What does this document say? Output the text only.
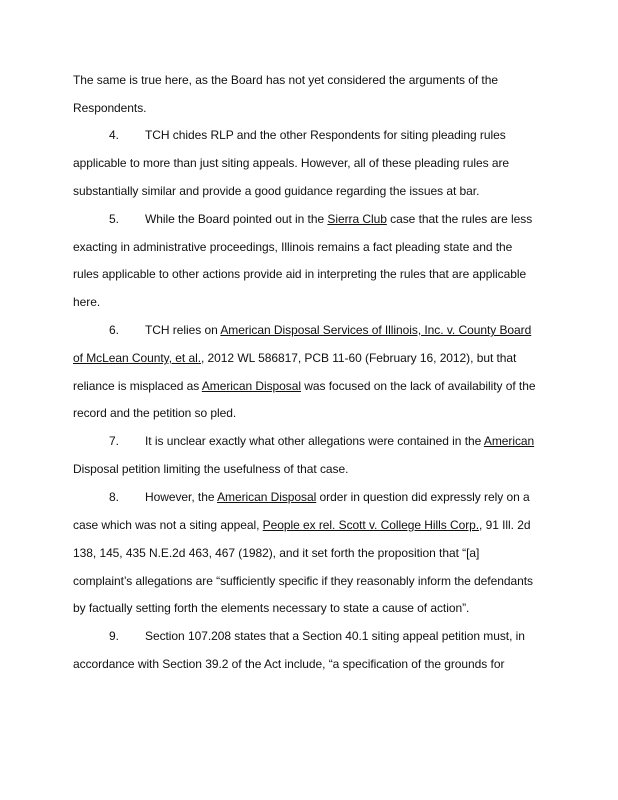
The same is true here, as the Board has not yet considered the arguments of the
Respondents.
4. TCH chides RLP and the other Respondents for siting pleading rules
applicable to more than just siting appeals. However, all of these pleading rules are
substantially similar and provide a good guidance regarding the issues at bar.
5. While the Board pointed out in the Sierra Club case that the rules are less
exacting in administrative proceedings, Illinois remains a fact pleading state and the
rules applicable to other actions provide aid in interpreting the rules that are applicable
here.
6. TCH relies on American Disposal Services of Illinois, Inc. v. County Board
of McLean County, et al., 2012 WL 586817, PCB 11-60 (February 16, 2012), but that
reliance is misplaced as American Disposal was focused on the lack of availability of the
record and the petition so pled.
7. It is unclear exactly what other allegations were contained in the American
Disposal petition limiting the usefulness of that case.
8. However, the American Disposal order in question did expressly rely on a
case which was not a siting appeal, People ex rel. Scott v. College Hills Corp., 91 Ill. 2d
138, 145, 435 N.E.2d 463, 467 (1982), and it set forth the proposition that “[a]
complaint’s allegations are “sufficiently specific if they reasonably inform the defendants
by factually setting forth the elements necessary to state a cause of action”.
9. Section 107.208 states that a Section 40.1 siting appeal petition must, in
accordance with Section 39.2 of the Act include, “a specification of the grounds for
